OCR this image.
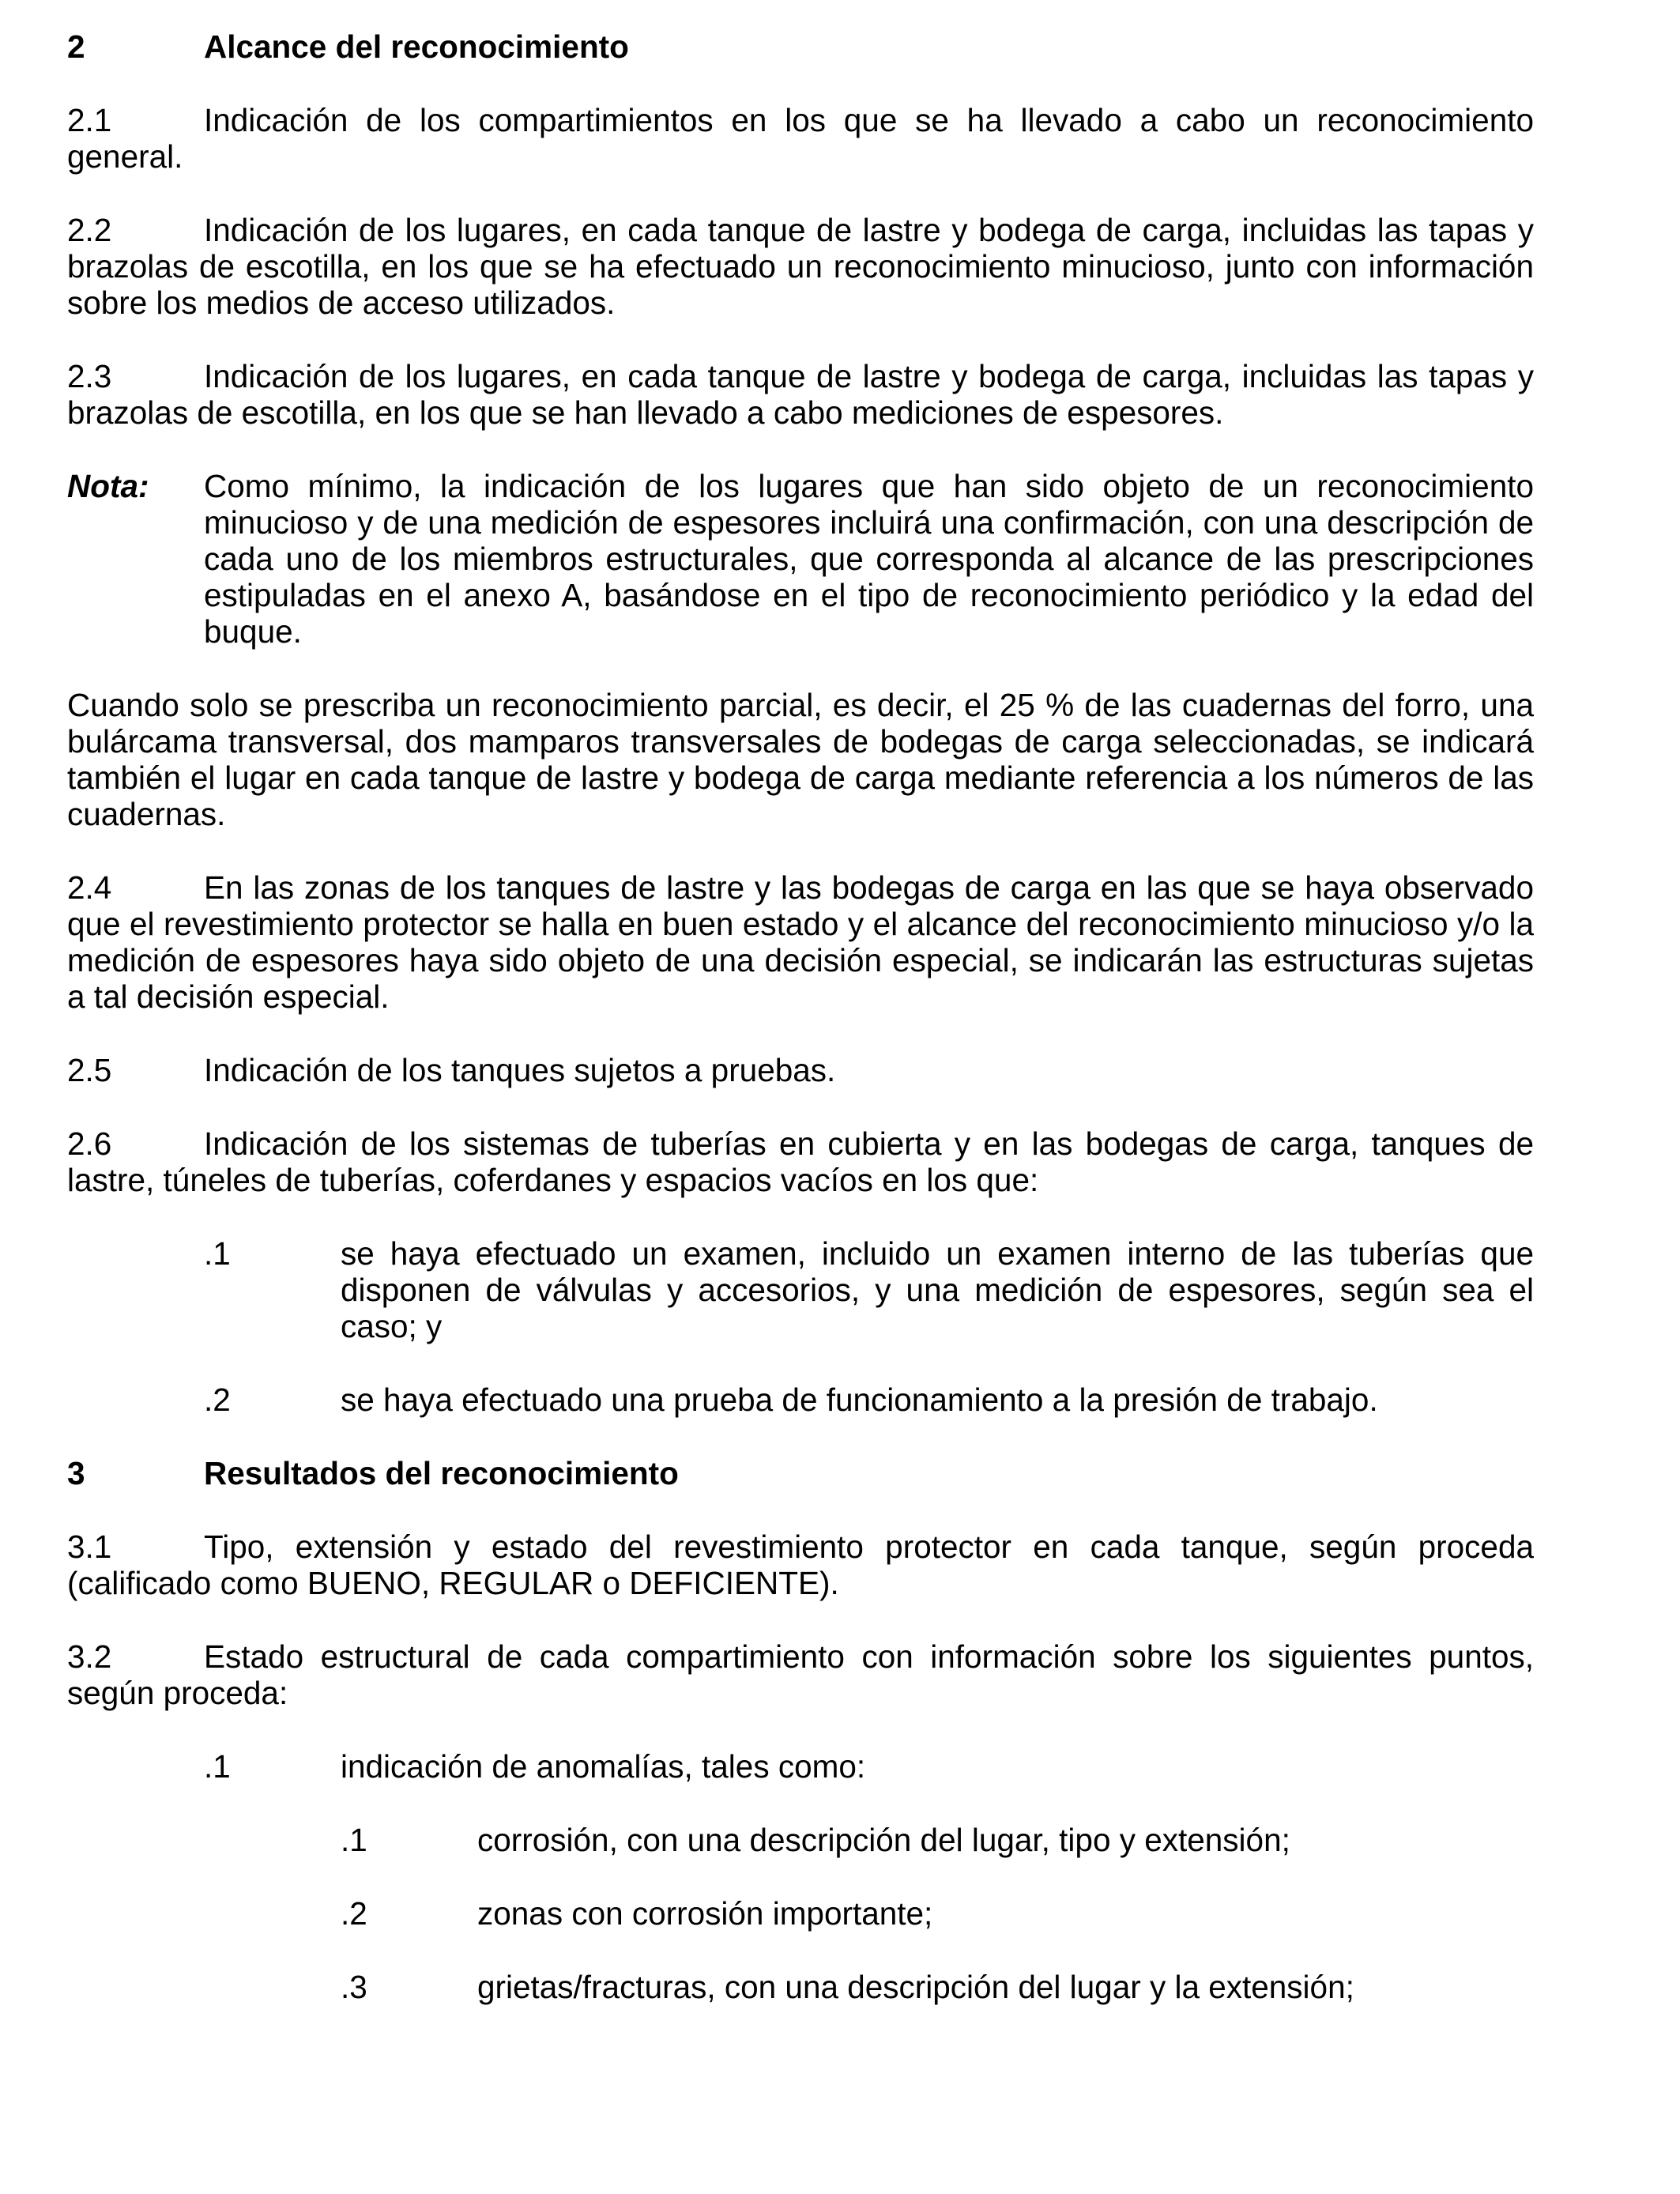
2	Alcance del reconocimiento

2.1	Indicación de los compartimientos en los que se ha llevado a cabo un reconocimiento general.

2.2	Indicación de los lugares, en cada tanque de lastre y bodega de carga, incluidas las tapas y brazolas de escotilla, en los que se ha efectuado un reconocimiento minucioso, junto con información sobre los medios de acceso utilizados.

2.3	Indicación de los lugares, en cada tanque de lastre y bodega de carga, incluidas las tapas y brazolas de escotilla, en los que se han llevado a cabo mediciones de espesores.

Nota:	Como mínimo, la indicación de los lugares que han sido objeto de un reconocimiento minucioso y de una medición de espesores incluirá una confirmación, con una descripción de cada uno de los miembros estructurales, que corresponda al alcance de las prescripciones estipuladas en el anexo A, basándose en el tipo de reconocimiento periódico y la edad del buque.

Cuando solo se prescriba un reconocimiento parcial, es decir, el 25 % de las cuadernas del forro, una bulárcama transversal, dos mamparos transversales de bodegas de carga seleccionadas, se indicará también el lugar en cada tanque de lastre y bodega de carga mediante referencia a los números de las cuadernas.

2.4	En las zonas de los tanques de lastre y las bodegas de carga en las que se haya observado que el revestimiento protector se halla en buen estado y el alcance del reconocimiento minucioso y/o la medición de espesores haya sido objeto de una decisión especial, se indicarán las estructuras sujetas a tal decisión especial.

2.5	Indicación de los tanques sujetos a pruebas.

2.6	Indicación de los sistemas de tuberías en cubierta y en las bodegas de carga, tanques de lastre, túneles de tuberías, coferdanes y espacios vacíos en los que:

.1	se haya efectuado un examen, incluido un examen interno de las tuberías que disponen de válvulas y accesorios, y una medición de espesores, según sea el caso; y
.2	se haya efectuado una prueba de funcionamiento a la presión de trabajo.
3	Resultados del reconocimiento

3.1	Tipo, extensión y estado del revestimiento protector en cada tanque, según proceda (calificado como BUENO, REGULAR o DEFICIENTE).

3.2	Estado estructural de cada compartimiento con información sobre los siguientes puntos, según proceda:

.1	indicación de anomalías, tales como:
.1	corrosión, con una descripción del lugar, tipo y extensión;
.2	zonas con corrosión importante;
.3	grietas/fracturas, con una descripción del lugar y la extensión;
